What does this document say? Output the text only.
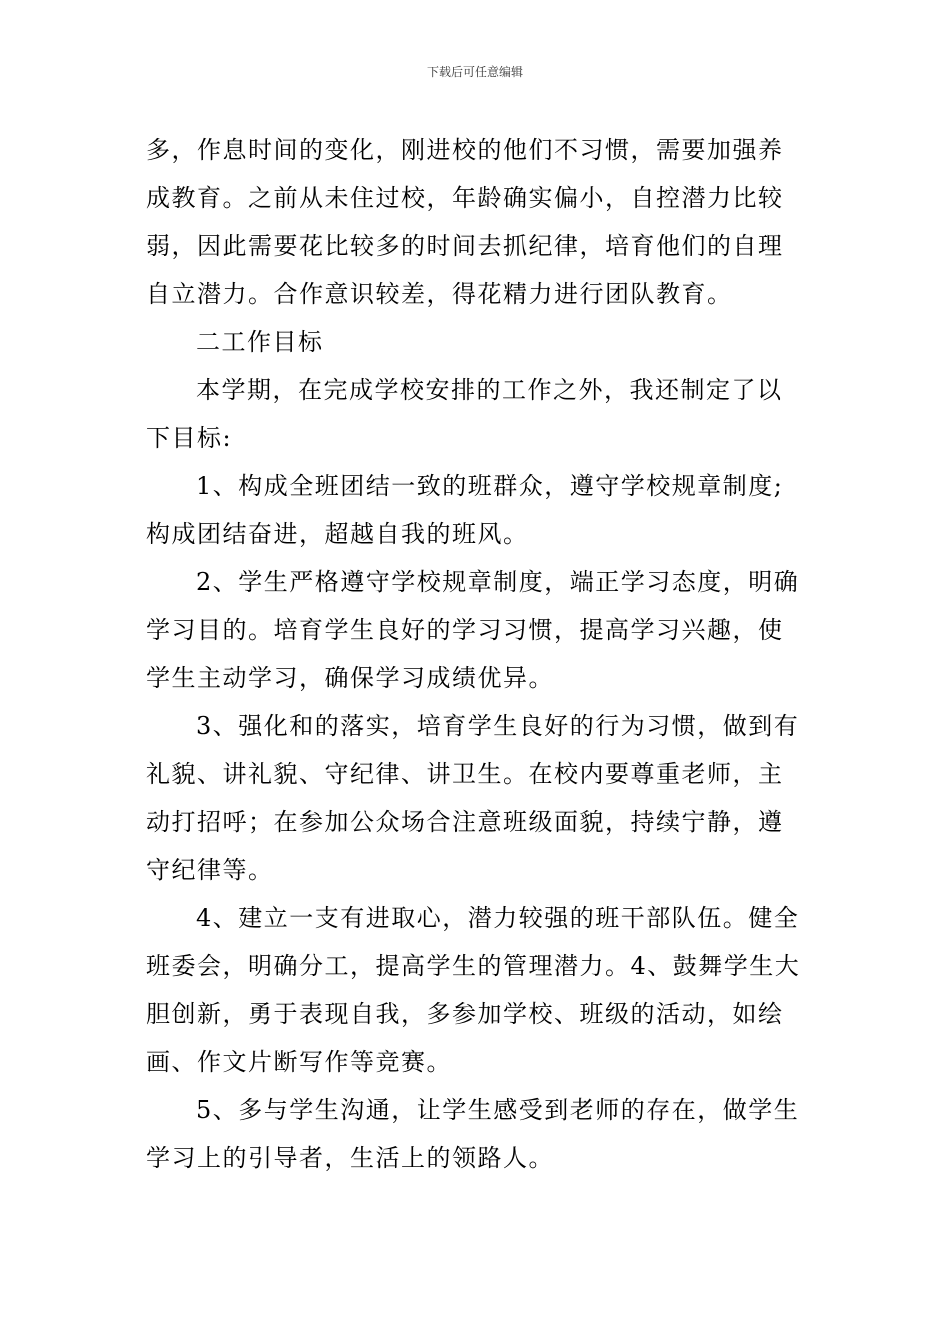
下载后可任意编辑

多，作息时间的变化，刚进校的他们不习惯，需要加强养
成教育。之前从未住过校，年龄确实偏小，自控潜力比较
弱，因此需要花比较多的时间去抓纪律，培育他们的自理
自立潜力。合作意识较差，得花精力进行团队教育。

二工作目标

本学期，在完成学校安排的工作之外，我还制定了以
下目标:

1、构成全班团结一致的班群众，遵守学校规章制度;
构成团结奋进，超越自我的班风。

2、学生严格遵守学校规章制度，端正学习态度，明确
学习目的。培育学生良好的学习习惯，提高学习兴趣，使
学生主动学习，确保学习成绩优异。

3、强化和的落实，培育学生良好的行为习惯，做到有
礼貌、讲礼貌、守纪律、讲卫生。在校内要尊重老师，主
动打招呼；在参加公众场合注意班级面貌，持续宁静，遵
守纪律等。

4、建立一支有进取心，潜力较强的班干部队伍。健全
班委会，明确分工，提高学生的管理潜力。4、鼓舞学生大
胆创新，勇于表现自我，多参加学校、班级的活动，如绘
画、作文片断写作等竞赛。

5、多与学生沟通，让学生感受到老师的存在，做学生
学习上的引导者，生活上的领路人。
